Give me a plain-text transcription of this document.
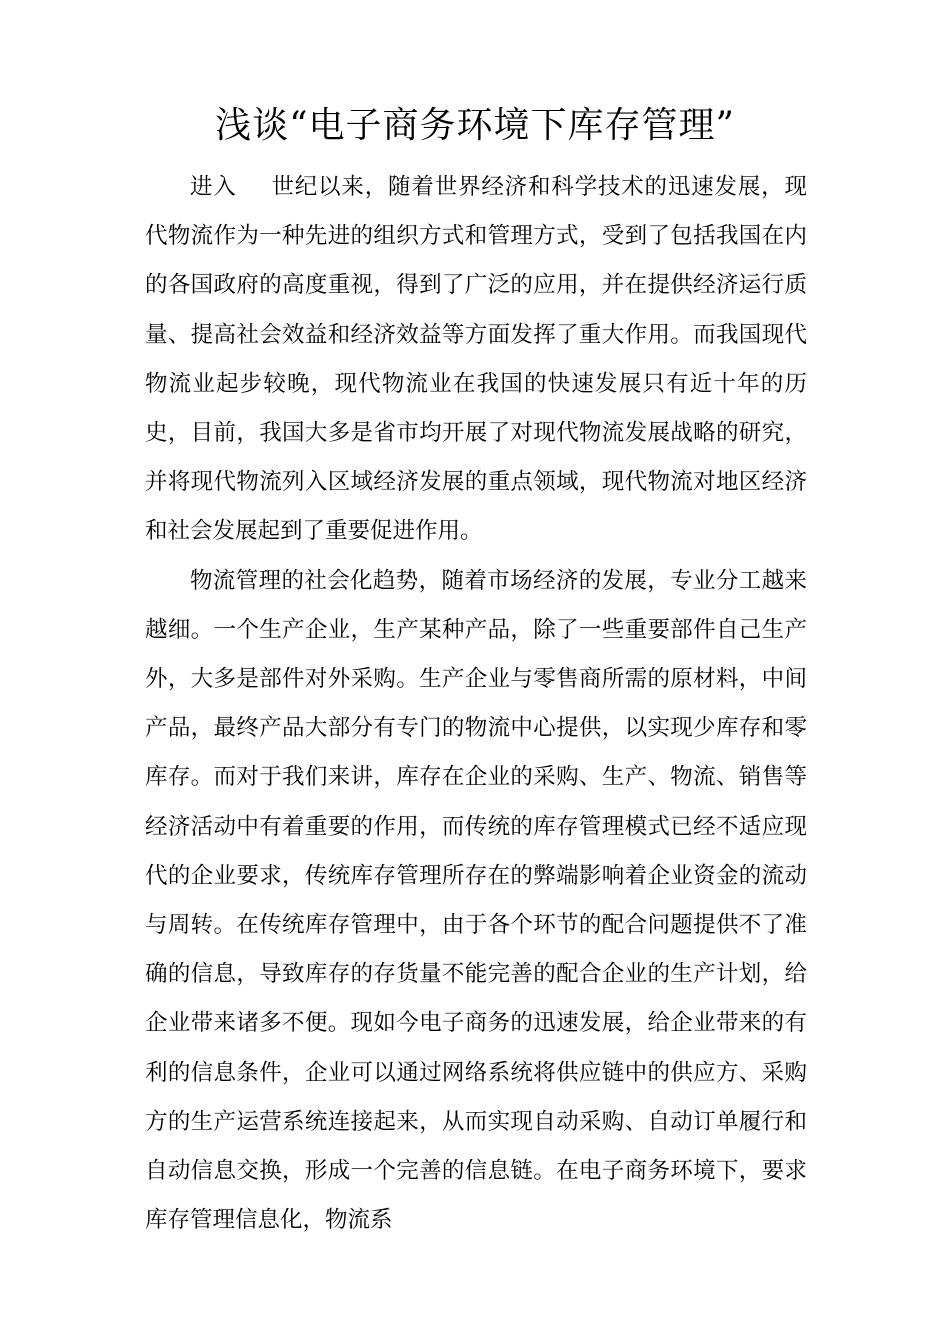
浅谈“电子商务环境下库存管理”

进入 世纪以来，随着世界经济和科学技术的迅速发展，现代物流作为一种先进的组织方式和管理方式，受到了包括我国在内的各国政府的高度重视，得到了广泛的应用，并在提供经济运行质量、提高社会效益和经济效益等方面发挥了重大作用。而我国现代物流业起步较晚，现代物流业在我国的快速发展只有近十年的历史，目前，我国大多是省市均开展了对现代物流发展战略的研究，并将现代物流列入区域经济发展的重点领域，现代物流对地区经济和社会发展起到了重要促进作用。

物流管理的社会化趋势，随着市场经济的发展，专业分工越来越细。一个生产企业，生产某种产品，除了一些重要部件自己生产外，大多是部件对外采购。生产企业与零售商所需的原材料，中间产品，最终产品大部分有专门的物流中心提供，以实现少库存和零库存。而对于我们来讲，库存在企业的采购、生产、物流、销售等经济活动中有着重要的作用，而传统的库存管理模式已经不适应现代的企业要求，传统库存管理所存在的弊端影响着企业资金的流动与周转。在传统库存管理中，由于各个环节的配合问题提供不了准确的信息，导致库存的存货量不能完善的配合企业的生产计划，给企业带来诸多不便。现如今电子商务的迅速发展，给企业带来的有利的信息条件，企业可以通过网络系统将供应链中的供应方、采购方的生产运营系统连接起来，从而实现自动采购、自动订单履行和自动信息交换，形成一个完善的信息链。在电子商务环境下，要求库存管理信息化，物流系
